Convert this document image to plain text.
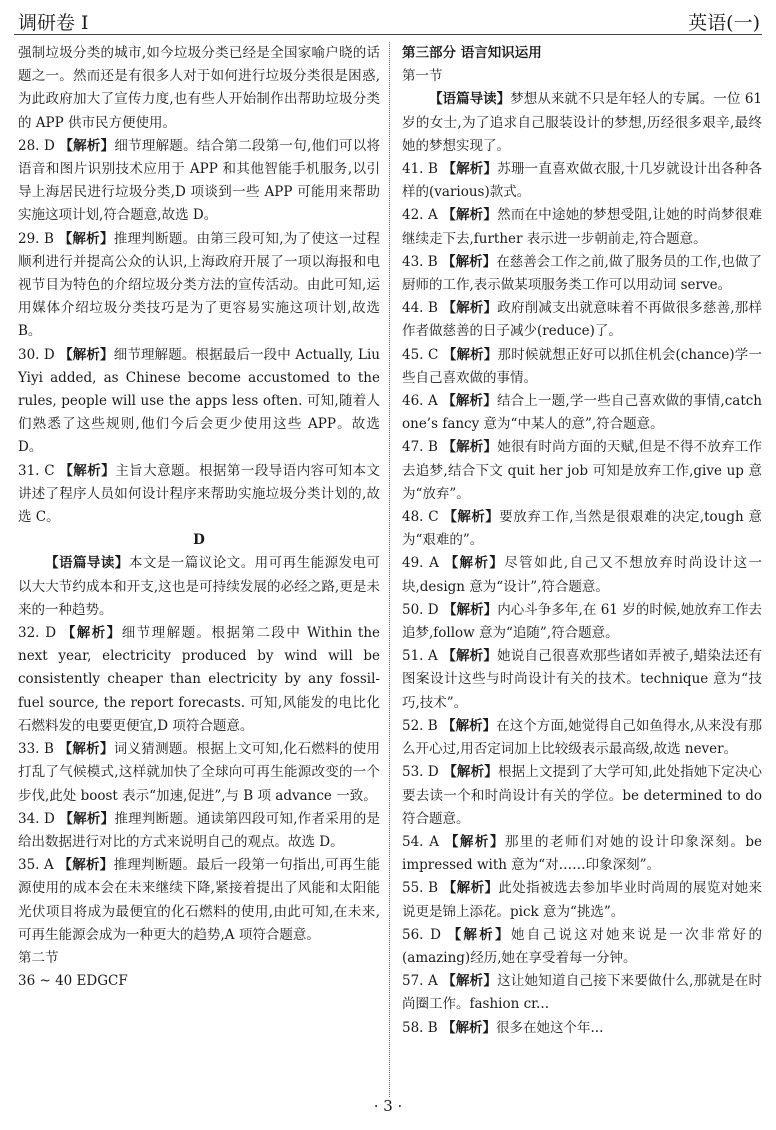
调研卷 I	英语(一)

强制垃圾分类的城市,如今垃圾分类已经是全国家喻户晓的话题之一。然而还是有很多人对于如何进行垃圾分类很是困惑,为此政府加大了宣传力度,也有些人开始制作出帮助垃圾分类的 APP 供市民方便使用。

28. D 【解析】细节理解题。结合第二段第一句,他们可以将语音和图片识别技术应用于 APP 和其他智能手机服务,以引导上海居民进行垃圾分类,D 项谈到一些 APP 可能用来帮助实施这项计划,符合题意,故选 D。

29. B 【解析】推理判断题。由第三段可知,为了使这一过程顺利进行并提高公众的认识,上海政府开展了一项以海报和电视节目为特色的介绍垃圾分类方法的宣传活动。由此可知,运用媒体介绍垃圾分类技巧是为了更容易实施这项计划,故选 B。

30. D 【解析】细节理解题。根据最后一段中 Actually, Liu Yiyi added, as Chinese become accustomed to the rules, people will use the apps less often. 可知,随着人们熟悉了这些规则,他们今后会更少使用这些 APP。故选 D。

31. C 【解析】主旨大意题。根据第一段导语内容可知本文讲述了程序人员如何设计程序来帮助实施垃圾分类计划的,故选 C。

D

【语篇导读】本文是一篇议论文。用可再生能源发电可以大大节约成本和开支,这也是可持续发展的必经之路,更是未来的一种趋势。

32. D 【解析】细节理解题。根据第二段中 Within the next year, electricity produced by wind will be consistently cheaper than electricity by any fossil-fuel source, the report forecasts. 可知,风能发的电比化石燃料发的电要更便宜,D 项符合题意。

33. B 【解析】词义猜测题。根据上文可知,化石燃料的使用打乱了气候模式,这样就加快了全球向可再生能源改变的一个步伐,此处 boost 表示“加速,促进”,与 B 项 advance 一致。

34. D 【解析】推理判断题。通读第四段可知,作者采用的是给出数据进行对比的方式来说明自己的观点。故选 D。

35. A 【解析】推理判断题。最后一段第一句指出,可再生能源使用的成本会在未来继续下降,紧接着提出了风能和太阳能光伏项目将成为最便宜的化石燃料的使用,由此可知,在未来,可再生能源会成为一种更大的趋势,A 项符合题意。

第二节

36 ~ 40 EDGCF

第三部分 语言知识运用

第一节

【语篇导读】梦想从来就不只是年轻人的专属。一位 61 岁的女士,为了追求自己服装设计的梦想,历经很多艰辛,最终她的梦想实现了。

41. B 【解析】苏珊一直喜欢做衣服,十几岁就设计出各种各样的(various)款式。

42. A 【解析】然而在中途她的梦想受阻,让她的时尚梦很难继续走下去,further 表示进一步朝前走,符合题意。

43. B 【解析】在慈善会工作之前,做了服务员的工作,也做了厨师的工作,表示做某项服务类工作可以用动词 serve。

44. B 【解析】政府削减支出就意味着不再做很多慈善,那样作者做慈善的日子减少(reduce)了。

45. C 【解析】那时候就想正好可以抓住机会(chance)学一些自己喜欢做的事情。

46. A 【解析】结合上一题,学一些自己喜欢做的事情,catch one’s fancy 意为“中某人的意”,符合题意。

47. B 【解析】她很有时尚方面的天赋,但是不得不放弃工作去追梦,结合下文 quit her job 可知是放弃工作,give up 意为“放弃”。

48. C 【解析】要放弃工作,当然是很艰难的决定,tough 意为“艰难的”。

49. A 【解析】尽管如此,自己又不想放弃时尚设计这一块,design 意为“设计”,符合题意。

50. D 【解析】内心斗争多年,在 61 岁的时候,她放弃工作去追梦,follow 意为“追随”,符合题意。

51. A 【解析】她说自己很喜欢那些诸如弄被子,蜡染法还有图案设计这些与时尚设计有关的技术。technique 意为“技巧,技术”。

52. B 【解析】在这个方面,她觉得自己如鱼得水,从来没有那么开心过,用否定词加上比较级表示最高级,故选 never。

53. D 【解析】根据上文提到了大学可知,此处指她下定决心要去读一个和时尚设计有关的学位。be determined to do 符合题意。

54. A 【解析】那里的老师们对她的设计印象深刻。be impressed with 意为“对……印象深刻”。

55. B 【解析】此处指被选去参加毕业时尚周的展览对她来说更是锦上添花。pick 意为“挑选”。

56. D 【解析】她自己说这对她来说是一次非常好的(amazing)经历,她在享受着每一分钟。

57. A 【解析】这让她知道自己接下来要做什么,那就是在时尚圈工作。fashion cr...

58. B 【解析】很多在她这个年...

· 3 ·
